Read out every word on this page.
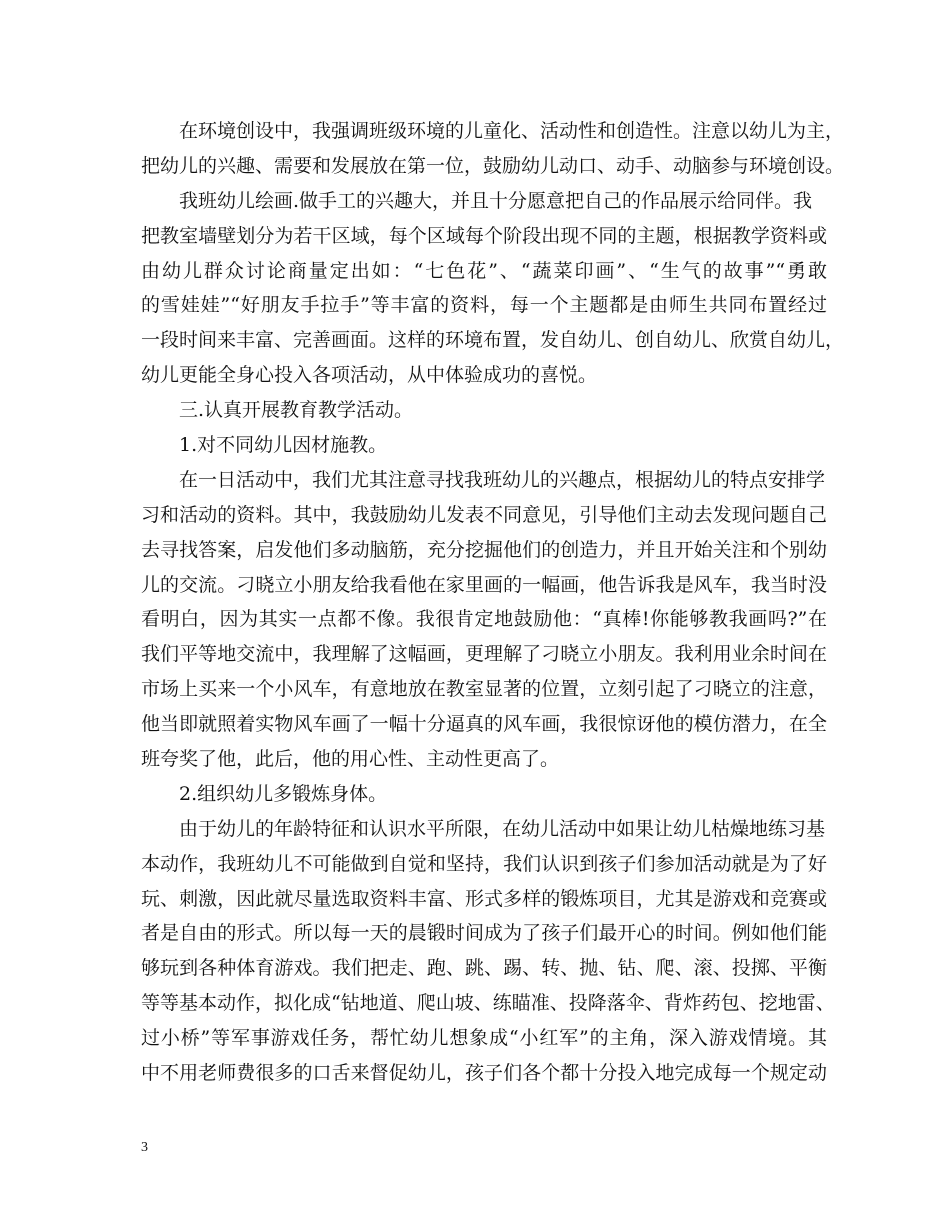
在环境创设中，我强调班级环境的儿童化、活动性和创造性。注意以幼儿为主，
把幼儿的兴趣、需要和发展放在第一位，鼓励幼儿动口、动手、动脑参与环境创设。
我班幼儿绘画.做手工的兴趣大，并且十分愿意把自己的作品展示给同伴。我
把教室墙壁划分为若干区域，每个区域每个阶段出现不同的主题，根据教学资料或
由幼儿群众讨论商量定出如：“七色花”、“蔬菜印画”、“生气的故事”“勇敢
的雪娃娃”“好朋友手拉手”等丰富的资料，每一个主题都是由师生共同布置经过
一段时间来丰富、完善画面。这样的环境布置，发自幼儿、创自幼儿、欣赏自幼儿，
幼儿更能全身心投入各项活动，从中体验成功的喜悦。
三.认真开展教育教学活动。
1.对不同幼儿因材施教。
在一日活动中，我们尤其注意寻找我班幼儿的兴趣点，根据幼儿的特点安排学
习和活动的资料。其中，我鼓励幼儿发表不同意见，引导他们主动去发现问题自己
去寻找答案，启发他们多动脑筋，充分挖掘他们的创造力，并且开始关注和个别幼
儿的交流。刁晓立小朋友给我看他在家里画的一幅画，他告诉我是风车，我当时没
看明白，因为其实一点都不像。我很肯定地鼓励他：“真棒!你能够教我画吗?”在
我们平等地交流中，我理解了这幅画，更理解了刁晓立小朋友。我利用业余时间在
市场上买来一个小风车，有意地放在教室显著的位置，立刻引起了刁晓立的注意，
他当即就照着实物风车画了一幅十分逼真的风车画，我很惊讶他的模仿潜力，在全
班夸奖了他，此后，他的用心性、主动性更高了。
2.组织幼儿多锻炼身体。
由于幼儿的年龄特征和认识水平所限，在幼儿活动中如果让幼儿枯燥地练习基
本动作，我班幼儿不可能做到自觉和坚持，我们认识到孩子们参加活动就是为了好
玩、刺激，因此就尽量选取资料丰富、形式多样的锻炼项目，尤其是游戏和竞赛或
者是自由的形式。所以每一天的晨锻时间成为了孩子们最开心的时间。例如他们能
够玩到各种体育游戏。我们把走、跑、跳、踢、转、抛、钻、爬、滚、投掷、平衡
等等基本动作，拟化成“钻地道、爬山坡、练瞄准、投降落伞、背炸药包、挖地雷、
过小桥”等军事游戏任务，帮忙幼儿想象成“小红军”的主角，深入游戏情境。其
中不用老师费很多的口舌来督促幼儿，孩子们各个都十分投入地完成每一个规定动
3
